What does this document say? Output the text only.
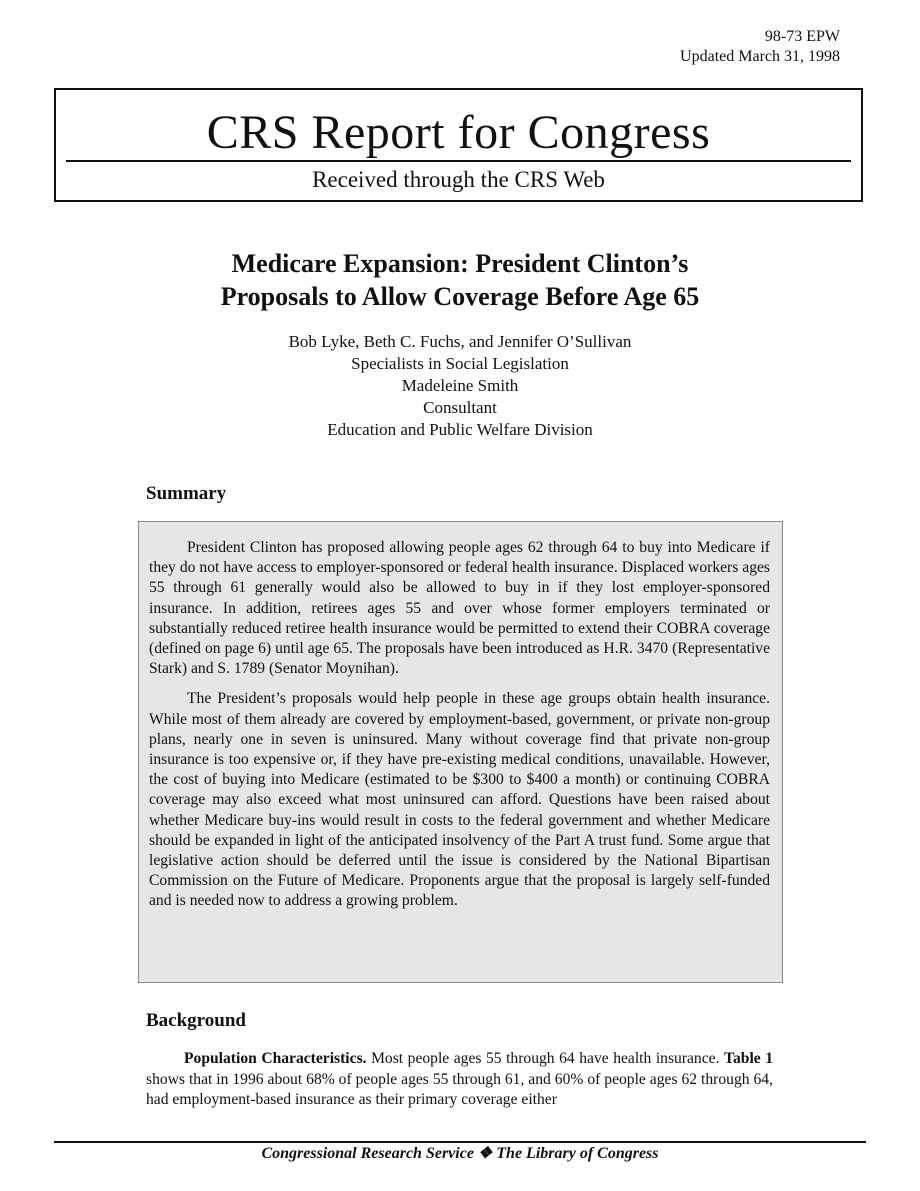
98-73 EPW
Updated March 31, 1998
CRS Report for Congress
Received through the CRS Web
Medicare Expansion: President Clinton’s
Proposals to Allow Coverage Before Age 65
Bob Lyke, Beth C. Fuchs, and Jennifer O’Sullivan
Specialists in Social Legislation
Madeleine Smith
Consultant
Education and Public Welfare Division
Summary

President Clinton has proposed allowing people ages 62 through 64 to buy into Medicare if they do not have access to employer-sponsored or federal health insurance. Displaced workers ages 55 through 61 generally would also be allowed to buy in if they lost employer-sponsored insurance. In addition, retirees ages 55 and over whose former employers terminated or substantially reduced retiree health insurance would be permitted to extend their COBRA coverage (defined on page 6) until age 65. The proposals have been introduced as H.R. 3470 (Representative Stark) and S. 1789 (Senator Moynihan).

The President’s proposals would help people in these age groups obtain health insurance. While most of them already are covered by employment-based, government, or private non-group plans, nearly one in seven is uninsured. Many without coverage find that private non-group insurance is too expensive or, if they have pre-existing medical conditions, unavailable. However, the cost of buying into Medicare (estimated to be $300 to $400 a month) or continuing COBRA coverage may also exceed what most uninsured can afford. Questions have been raised about whether Medicare buy-ins would result in costs to the federal government and whether Medicare should be expanded in light of the anticipated insolvency of the Part A trust fund. Some argue that legislative action should be deferred until the issue is considered by the National Bipartisan Commission on the Future of Medicare. Proponents argue that the proposal is largely self-funded and is needed now to address a growing problem.

Background

Population Characteristics. Most people ages 55 through 64 have health insurance. Table 1 shows that in 1996 about 68% of people ages 55 through 61, and 60% of people ages 62 through 64, had employment-based insurance as their primary coverage either

Congressional Research Service ❖ The Library of Congress
